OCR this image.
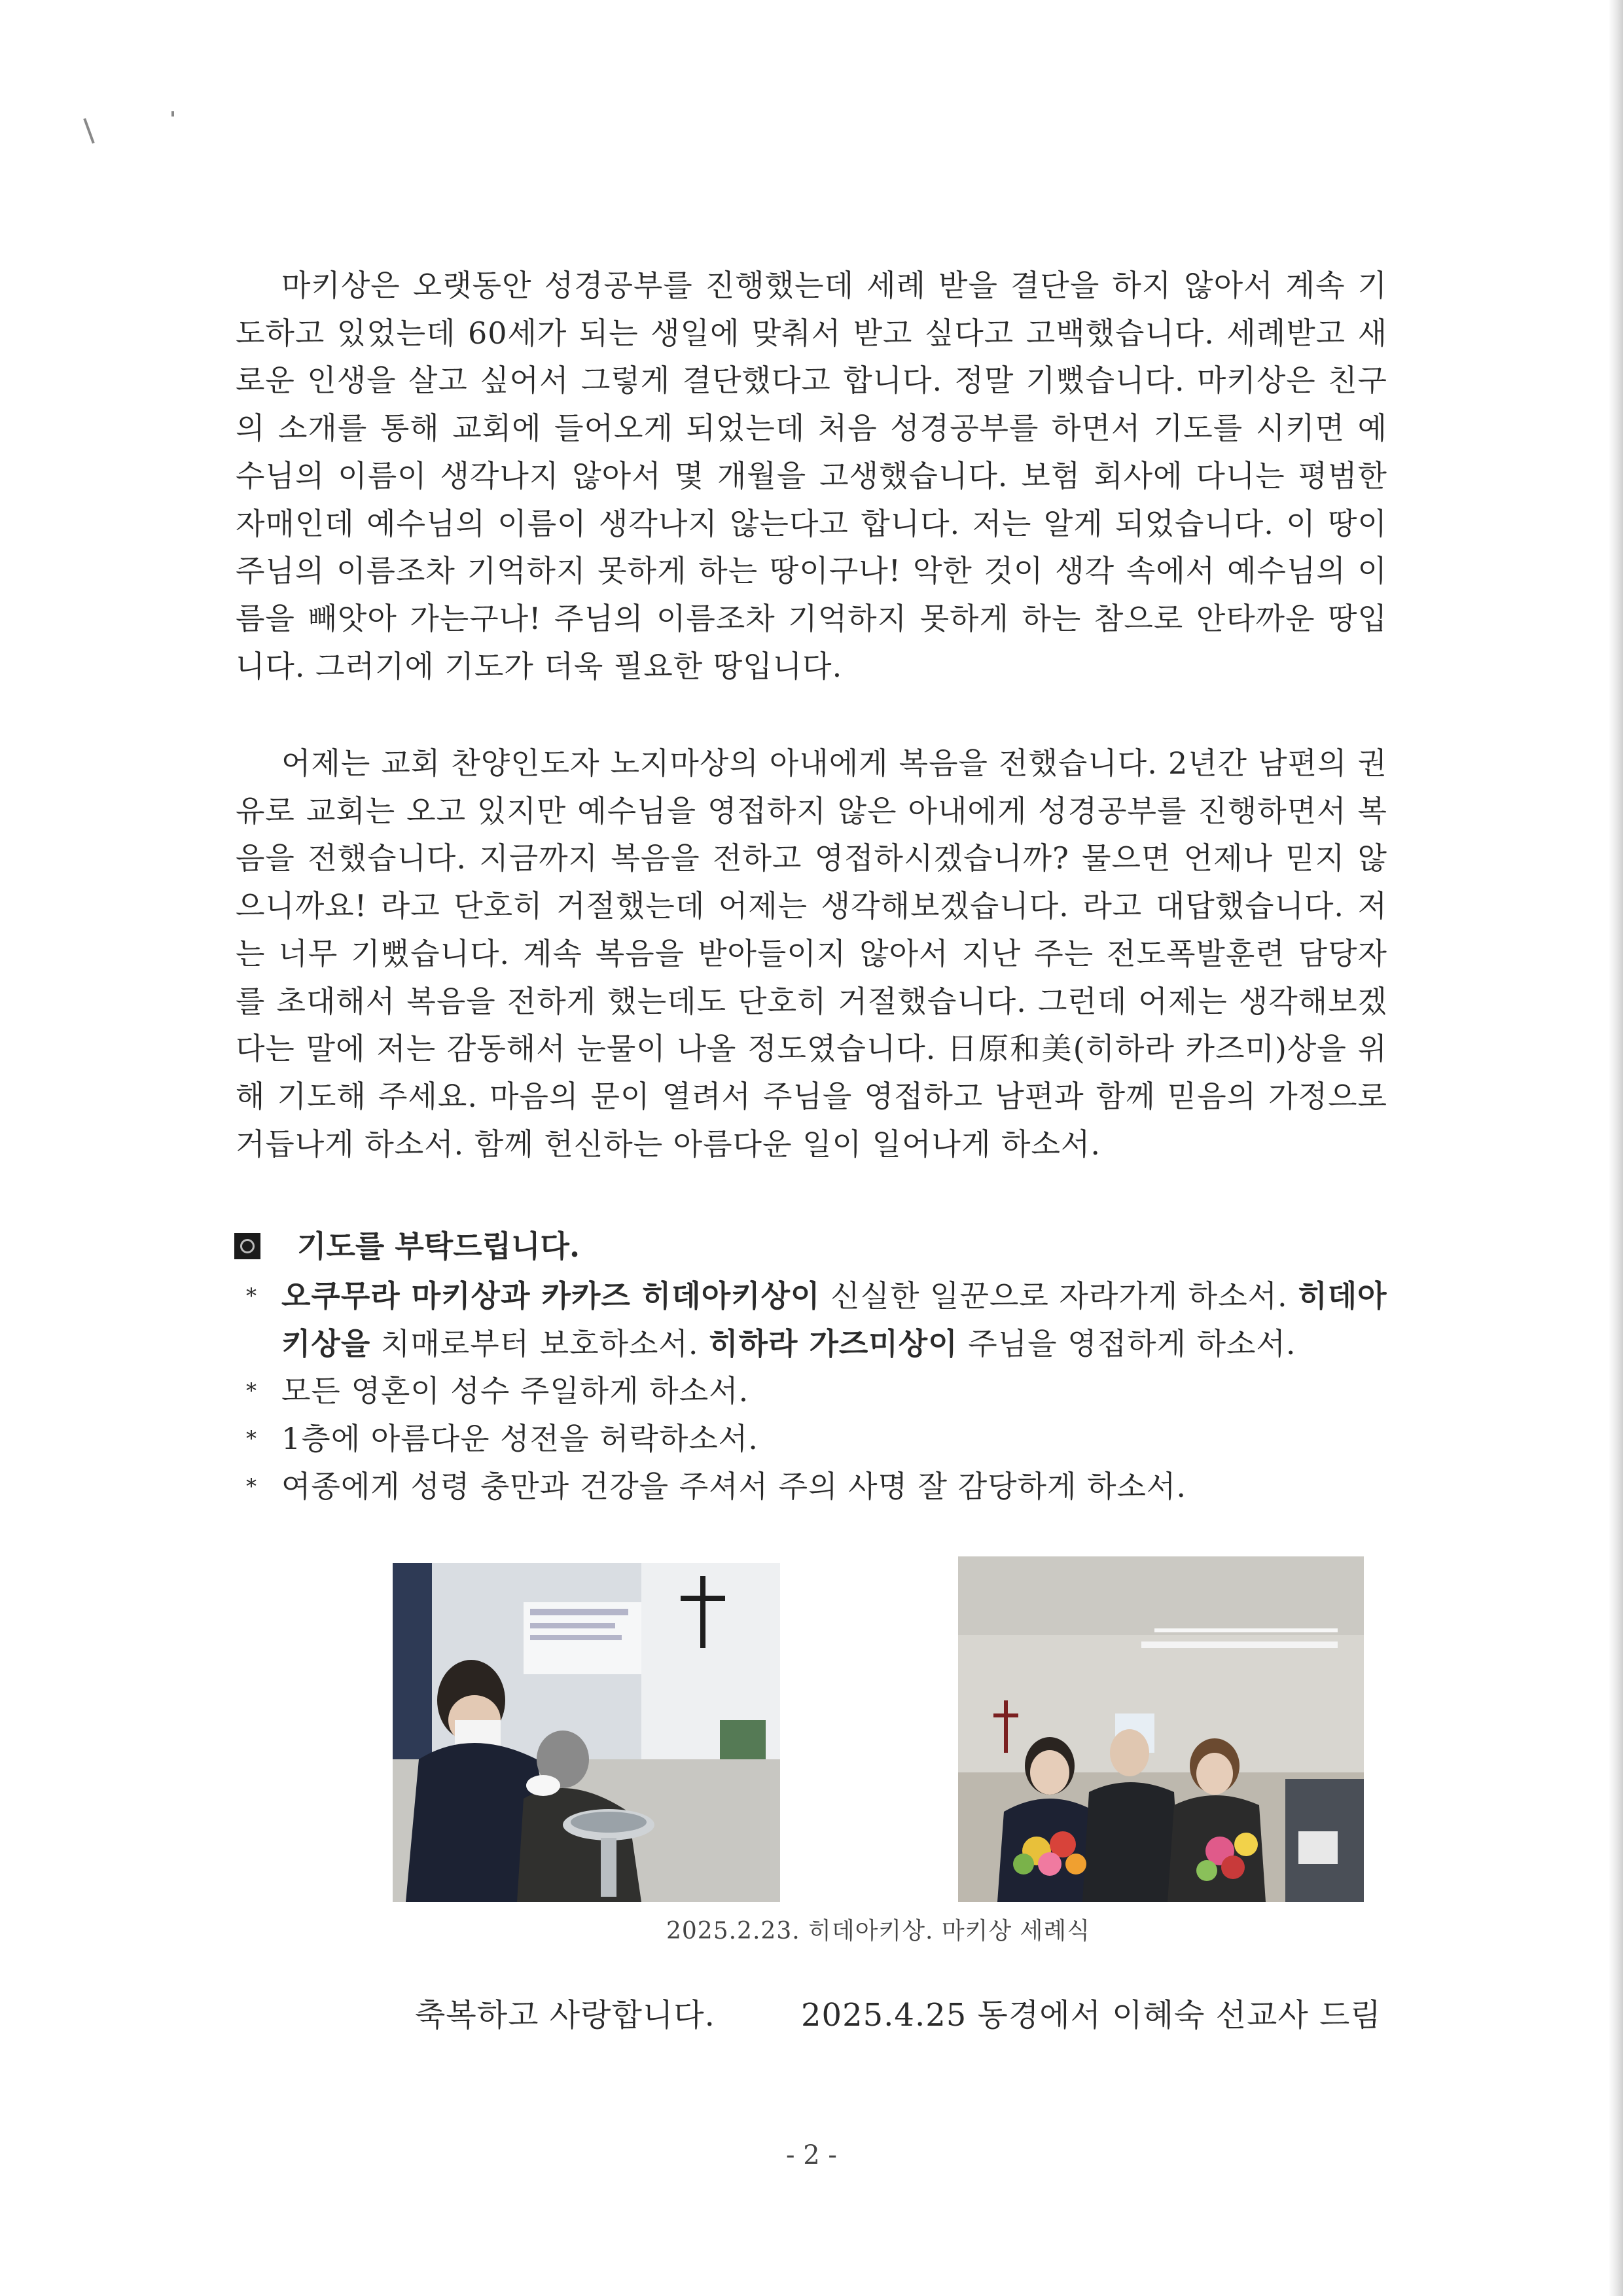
마키상은 오랫동안 성경공부를 진행했는데 세례 받을 결단을 하지 않아서 계속 기도하고 있었는데 60세가 되는 생일에 맞춰서 받고 싶다고 고백했습니다. 세례받고 새로운 인생을 살고 싶어서 그렇게 결단했다고 합니다. 정말 기뻤습니다. 마키상은 친구의 소개를 통해 교회에 들어오게 되었는데 처음 성경공부를 하면서 기도를 시키면 예수님의 이름이 생각나지 않아서 몇 개월을 고생했습니다. 보험 회사에 다니는 평범한 자매인데 예수님의 이름이 생각나지 않는다고 합니다. 저는 알게 되었습니다. 이 땅이 주님의 이름조차 기억하지 못하게 하는 땅이구나! 악한 것이 생각 속에서 예수님의 이름을 빼앗아 가는구나! 주님의 이름조차 기억하지 못하게 하는 참으로 안타까운 땅입니다. 그러기에 기도가 더욱 필요한 땅입니다.

어제는 교회 찬양인도자 노지마상의 아내에게 복음을 전했습니다. 2년간 남편의 권유로 교회는 오고 있지만 예수님을 영접하지 않은 아내에게 성경공부를 진행하면서 복음을 전했습니다. 지금까지 복음을 전하고 영접하시겠습니까? 물으면 언제나 믿지 않으니까요! 라고 단호히 거절했는데 어제는 생각해보겠습니다. 라고 대답했습니다. 저는 너무 기뻤습니다. 계속 복음을 받아들이지 않아서 지난 주는 전도폭발훈련 담당자를 초대해서 복음을 전하게 했는데도 단호히 거절했습니다. 그런데 어제는 생각해보겠다는 말에 저는 감동해서 눈물이 나올 정도였습니다. 日原和美(히하라 카즈미)상을 위해 기도해 주세요. 마음의 문이 열려서 주님을 영접하고 남편과 함께 믿음의 가정으로 거듭나게 하소서. 함께 헌신하는 아름다운 일이 일어나게 하소서.

기도를 부탁드립니다.
* 오쿠무라 마키상과 카카즈 히데아키상이 신실한 일꾼으로 자라가게 하소서. 히데아키상을 치매로부터 보호하소서. 히하라 가즈미상이 주님을 영접하게 하소서.
* 모든 영혼이 성수 주일하게 하소서.
* 1층에 아름다운 성전을 허락하소서.
* 여종에게 성령 충만과 건강을 주셔서 주의 사명 잘 감당하게 하소서.
2025.2.23. 히데아키상. 마키상 세례식
축복하고 사랑합니다.	2025.4.25 동경에서 이혜숙 선교사 드림
- 2 -
